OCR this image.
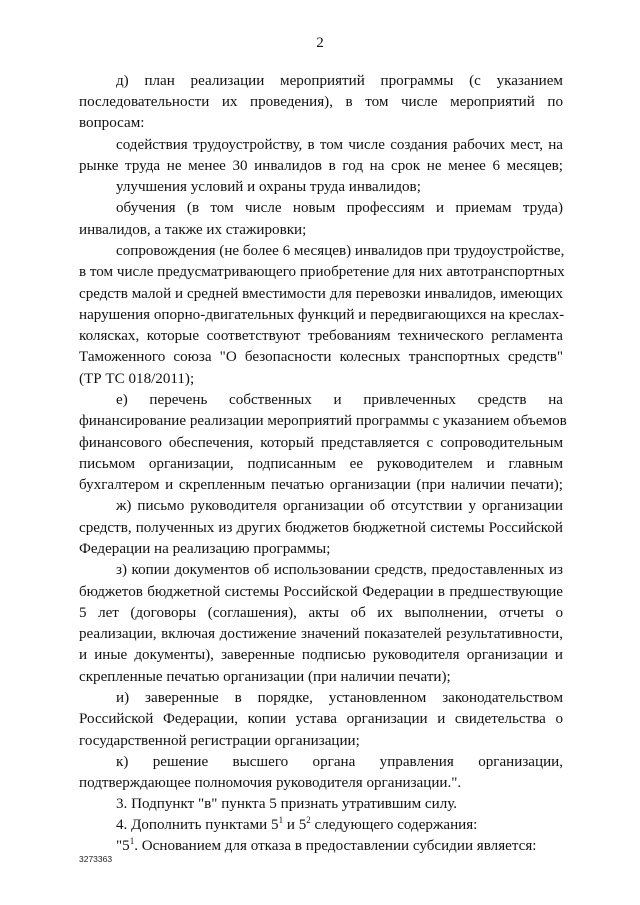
2
д) план реализации мероприятий программы (с указанием
последовательности их проведения), в том числе мероприятий по
вопросам:
содействия трудоустройству, в том числе создания рабочих мест, на
рынке труда не менее 30 инвалидов в год на срок не менее 6 месяцев;
улучшения условий и охраны труда инвалидов;
обучения (в том числе новым профессиям и приемам труда)
инвалидов, а также их стажировки;
сопровождения (не более 6 месяцев) инвалидов при трудоустройстве,
в том числе предусматривающего приобретение для них автотранспортных
средств малой и средней вместимости для перевозки инвалидов, имеющих
нарушения опорно-двигательных функций и передвигающихся на креслах-
колясках, которые соответствуют требованиям технического регламента
Таможенного союза "О безопасности колесных транспортных средств"
(ТР ТС 018/2011);
е) перечень собственных и привлеченных средств на
финансирование реализации мероприятий программы с указанием объемов
финансового обеспечения, который представляется с сопроводительным
письмом организации, подписанным ее руководителем и главным
бухгалтером и скрепленным печатью организации (при наличии печати);
ж) письмо руководителя организации об отсутствии у организации
средств, полученных из других бюджетов бюджетной системы Российской
Федерации на реализацию программы;
з) копии документов об использовании средств, предоставленных из
бюджетов бюджетной системы Российской Федерации в предшествующие
5 лет (договоры (соглашения), акты об их выполнении, отчеты о
реализации, включая достижение значений показателей результативности,
и иные документы), заверенные подписью руководителя организации и
скрепленные печатью организации (при наличии печати);
и) заверенные в порядке, установленном законодательством
Российской Федерации, копии устава организации и свидетельства о
государственной регистрации организации;
к) решение высшего органа управления организации,
подтверждающее полномочия руководителя организации.".
3. Подпункт "в" пункта 5 признать утратившим силу.
4. Дополнить пунктами $5^1$ и $5^2$ следующего содержания:
"$5^1$. Основанием для отказа в предоставлении субсидии является:
3273363
